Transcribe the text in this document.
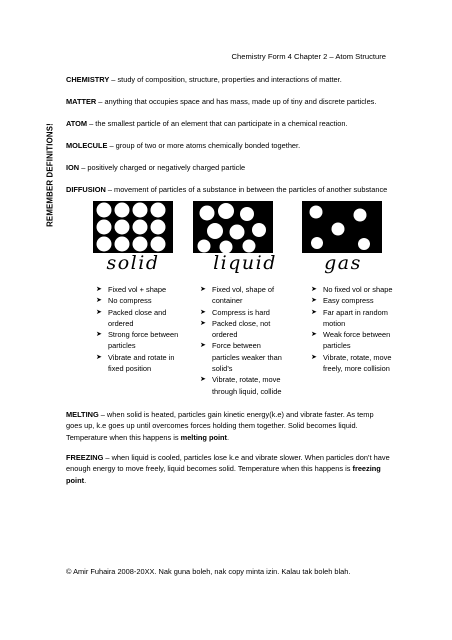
Chemistry Form 4 Chapter 2 – Atom Structure
REMEMBER DEFINITIONS!

CHEMISTRY – study of composition, structure, properties and interactions of matter.

MATTER – anything that occupies space and has mass, made up of tiny and discrete particles.

ATOM – the smallest particle of an element that can participate in a chemical reaction.

MOLECULE – group of two or more atoms chemically bonded together.

ION – positively charged or negatively charged particle

DIFFUSION – movement of particles of a substance in between the particles of another substance

solid	liquid	gas
➤ Fixed vol + shape
➤ No compress
➤ Packed close and ordered
➤ Strong force between particles
➤ Vibrate and rotate in fixed position
➤ Fixed vol, shape of container
➤ Compress is hard
➤ Packed close, not ordered
➤ Force between particles weaker than solid’s
➤ Vibrate, rotate, move through liquid, collide
➤ No fixed vol or shape
➤ Easy compress
➤ Far apart in random motion
➤ Weak force between particles
➤ Vibrate, rotate, move freely, more collision
MELTING – when solid is heated, particles gain kinetic energy(k.e) and vibrate faster. As temp goes up, k.e goes up until overcomes forces holding them together. Solid becomes liquid. Temperature when this happens is melting point.
FREEZING – when liquid is cooled, particles lose k.e and vibrate slower. When particles don’t have enough energy to move freely, liquid becomes solid. Temperature when this happens is freezing point.
© Amir Fuhaira 2008-20XX. Nak guna boleh, nak copy minta izin. Kalau tak boleh blah.
